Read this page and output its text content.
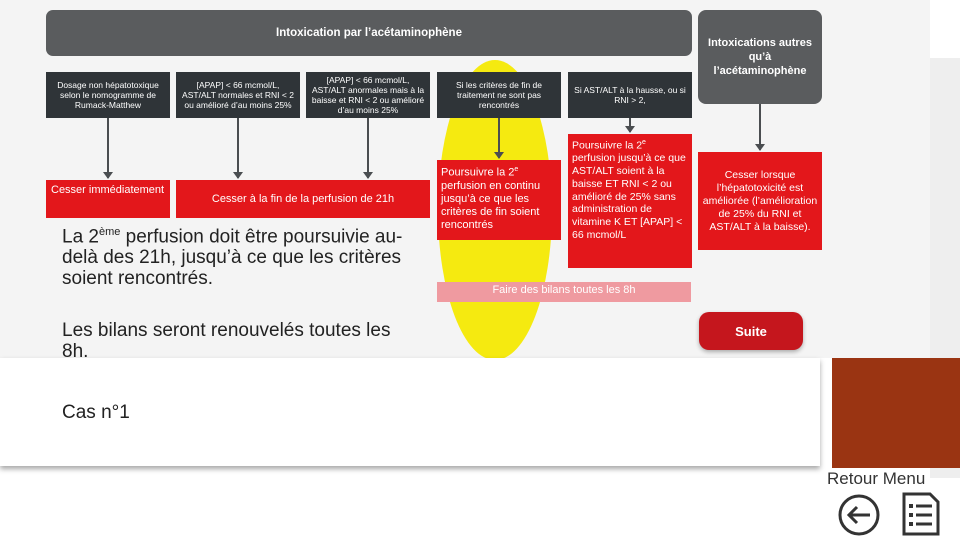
Intoxication par l’acétaminophène
Intoxications autres qu’à l’acétaminophène
Dosage non hépatotoxique selon le nomogramme de Rumack-Matthew
[APAP] < 66 mcmol/L, AST/ALT normales et RNI < 2 ou amélioré d’au moins 25%
[APAP] < 66 mcmol/L, AST/ALT anormales mais à la baisse et RNI < 2 ou amélioré d’au moins 25%
Si les critères de fin de traitement ne sont pas rencontrés
Si AST/ALT à la hausse, ou si RNI > 2,
Cesser immédiatement
Cesser à la fin de la perfusion de 21h
Poursuivre la 2e perfusion en continu jusqu’à ce que les critères de fin soient rencontrés
Poursuivre la 2e perfusion jusqu’à ce que AST/ALT soient à la baisse ET RNI < 2 ou amélioré de 25% sans administration de vitamine K ET [APAP] < 66 mcmol/L
Cesser lorsque l’hépatotoxicité est améliorée (l’amélioration de 25% du RNI et AST/ALT à la baisse).
Faire des bilans toutes les 8h
La 2ème perfusion doit être poursuivie au-delà des 21h, jusqu’à ce que les critères soient rencontrés.
Les bilans seront renouvelés toutes les 8h.
Suite
Cas n°1
Retour Menu
